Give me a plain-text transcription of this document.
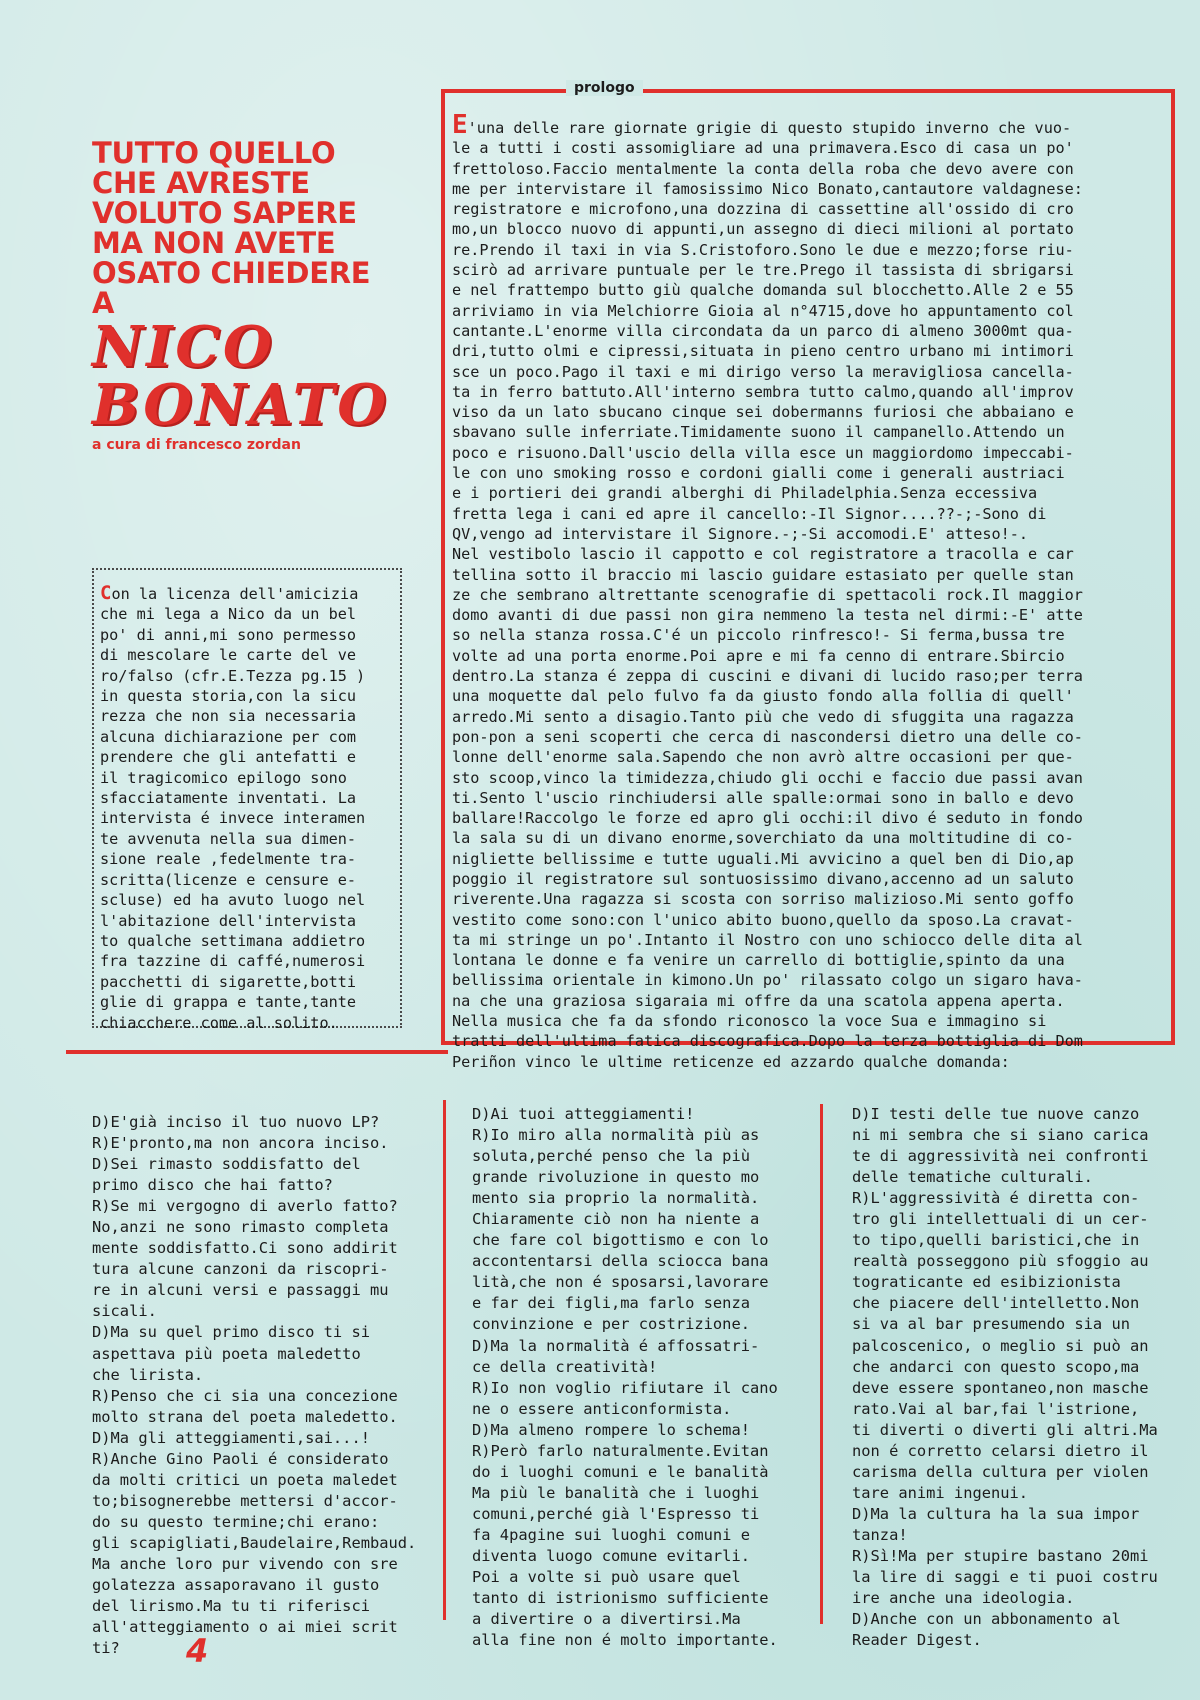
TUTTO QUELLO
CHE AVRESTE
VOLUTO SAPERE
MA NON AVETE
OSATO CHIEDERE
A
NICO
BONATO
a cura di francesco zordan
Con la licenza dell'amicizia
che mi lega a Nico da un bel
po' di anni,mi sono permesso
di mescolare le carte del ve
ro/falso (cfr.E.Tezza pg.15 )
in questa storia,con la sicu
rezza che non sia necessaria
alcuna dichiarazione per com
prendere che gli antefatti e
il tragicomico epilogo sono
sfacciatamente inventati. La
intervista é invece interamen
te avvenuta nella sua dimen-
sione reale ,fedelmente tra-
scritta(licenze e censure e-
scluse) ed ha avuto luogo nel
l'abitazione dell'intervista
to qualche settimana addietro
fra tazzine di caffé,numerosi
pacchetti di sigarette,botti
glie di grappa e tante,tante
chiacchere come al solito.
prologo
E'una delle rare giornate grigie di questo stupido inverno che vuo-
le a tutti i costi assomigliare ad una primavera.Esco di casa un po'
frettoloso.Faccio mentalmente la conta della roba che devo avere con
me per intervistare il famosissimo Nico Bonato,cantautore valdagnese:
registratore e microfono,una dozzina di cassettine all'ossido di cro
mo,un blocco nuovo di appunti,un assegno di dieci milioni al portato
re.Prendo il taxi in via S.Cristoforo.Sono le due e mezzo;forse riu-
scirò ad arrivare puntuale per le tre.Prego il tassista di sbrigarsi
e nel frattempo butto giù qualche domanda sul blocchetto.Alle 2 e 55
arriviamo in via Melchiorre Gioia al n°4715,dove ho appuntamento col
cantante.L'enorme villa circondata da un parco di almeno 3000mt qua-
dri,tutto olmi e cipressi,situata in pieno centro urbano mi intimori
sce un poco.Pago il taxi e mi dirigo verso la meravigliosa cancella-
ta in ferro battuto.All'interno sembra tutto calmo,quando all'improv
viso da un lato sbucano cinque sei dobermanns furiosi che abbaiano e
sbavano sulle inferriate.Timidamente suono il campanello.Attendo un
poco e risuono.Dall'uscio della villa esce un maggiordomo impeccabi-
le con uno smoking rosso e cordoni gialli come i generali austriaci
e i portieri dei grandi alberghi di Philadelphia.Senza eccessiva
fretta lega i cani ed apre il cancello:-Il Signor....??-;-Sono di
QV,vengo ad intervistare il Signore.-;-Si accomodi.E' atteso!-.
Nel vestibolo lascio il cappotto e col registratore a tracolla e car
tellina sotto il braccio mi lascio guidare estasiato per quelle stan
ze che sembrano altrettante scenografie di spettacoli rock.Il maggior
domo avanti di due passi non gira nemmeno la testa nel dirmi:-E' atte
so nella stanza rossa.C'é un piccolo rinfresco!- Si ferma,bussa tre
volte ad una porta enorme.Poi apre e mi fa cenno di entrare.Sbircio
dentro.La stanza é zeppa di cuscini e divani di lucido raso;per terra
una moquette dal pelo fulvo fa da giusto fondo alla follia di quell'
arredo.Mi sento a disagio.Tanto più che vedo di sfuggita una ragazza
pon-pon a seni scoperti che cerca di nascondersi dietro una delle co-
lonne dell'enorme sala.Sapendo che non avrò altre occasioni per que-
sto scoop,vinco la timidezza,chiudo gli occhi e faccio due passi avan
ti.Sento l'uscio rinchiudersi alle spalle:ormai sono in ballo e devo
ballare!Raccolgo le forze ed apro gli occhi:il divo é seduto in fondo
la sala su di un divano enorme,soverchiato da una moltitudine di co-
nigliette bellissime e tutte uguali.Mi avvicino a quel ben di Dio,ap
poggio il registratore sul sontuosissimo divano,accenno ad un saluto
riverente.Una ragazza si scosta con sorriso malizioso.Mi sento goffo
vestito come sono:con l'unico abito buono,quello da sposo.La cravat-
ta mi stringe un po'.Intanto il Nostro con uno schiocco delle dita al
lontana le donne e fa venire un carrello di bottiglie,spinto da una
bellissima orientale in kimono.Un po' rilassato colgo un sigaro hava-
na che una graziosa sigaraia mi offre da una scatola appena aperta.
Nella musica che fa da sfondo riconosco la voce Sua e immagino si
tratti dell'ultima fatica discografica.Dopo la terza bottiglia di Dom
Periñon vinco le ultime reticenze ed azzardo qualche domanda:
D)E'già inciso il tuo nuovo LP?
R)E'pronto,ma non ancora inciso.
D)Sei rimasto soddisfatto del
primo disco che hai fatto?
R)Se mi vergogno di averlo fatto?
No,anzi ne sono rimasto completa
mente soddisfatto.Ci sono addirit
tura alcune canzoni da riscopri-
re in alcuni versi e passaggi mu
sicali.
D)Ma su quel primo disco ti si
aspettava più poeta maledetto
che lirista.
R)Penso che ci sia una concezione
molto strana del poeta maledetto.
D)Ma gli atteggiamenti,sai...!
R)Anche Gino Paoli é considerato
da molti critici un poeta maledet
to;bisognerebbe mettersi d'accor-
do su questo termine;chi erano:
gli scapigliati,Baudelaire,Rembaud.
Ma anche loro pur vivendo con sre
golatezza assaporavano il gusto
del lirismo.Ma tu ti riferisci
all'atteggiamento o ai miei scrit
ti?
D)Ai tuoi atteggiamenti!
R)Io miro alla normalità più as
soluta,perché penso che la più
grande rivoluzione in questo mo
mento sia proprio la normalità.
Chiaramente ciò non ha niente a
che fare col bigottismo e con lo
accontentarsi della sciocca bana
lità,che non é sposarsi,lavorare
e far dei figli,ma farlo senza
convinzione e per costrizione.
D)Ma la normalità é affossatri-
ce della creatività!
R)Io non voglio rifiutare il cano
ne o essere anticonformista.
D)Ma almeno rompere lo schema!
R)Però farlo naturalmente.Evitan
do i luoghi comuni e le banalità
Ma più le banalità che i luoghi
comuni,perché già l'Espresso ti
fa 4pagine sui luoghi comuni e
diventa luogo comune evitarli.
Poi a volte si può usare quel
tanto di istrionismo sufficiente
a divertire o a divertirsi.Ma
alla fine non é molto importante.
D)I testi delle tue nuove canzo
ni mi sembra che si siano carica
te di aggressività nei confronti
delle tematiche culturali.
R)L'aggressività é diretta con-
tro gli intellettuali di un cer-
to tipo,quelli baristici,che in
realtà posseggono più sfoggio au
tograticante ed esibizionista
che piacere dell'intelletto.Non
si va al bar presumendo sia un
palcoscenico, o meglio si può an
che andarci con questo scopo,ma
deve essere spontaneo,non masche
rato.Vai al bar,fai l'istrione,
ti diverti o diverti gli altri.Ma
non é corretto celarsi dietro il
carisma della cultura per violen
tare animi ingenui.
D)Ma la cultura ha la sua impor
tanza!
R)Sì!Ma per stupire bastano 20mi
la lire di saggi e ti puoi costru
ire anche una ideologia.
D)Anche con un abbonamento al
Reader Digest.
4
